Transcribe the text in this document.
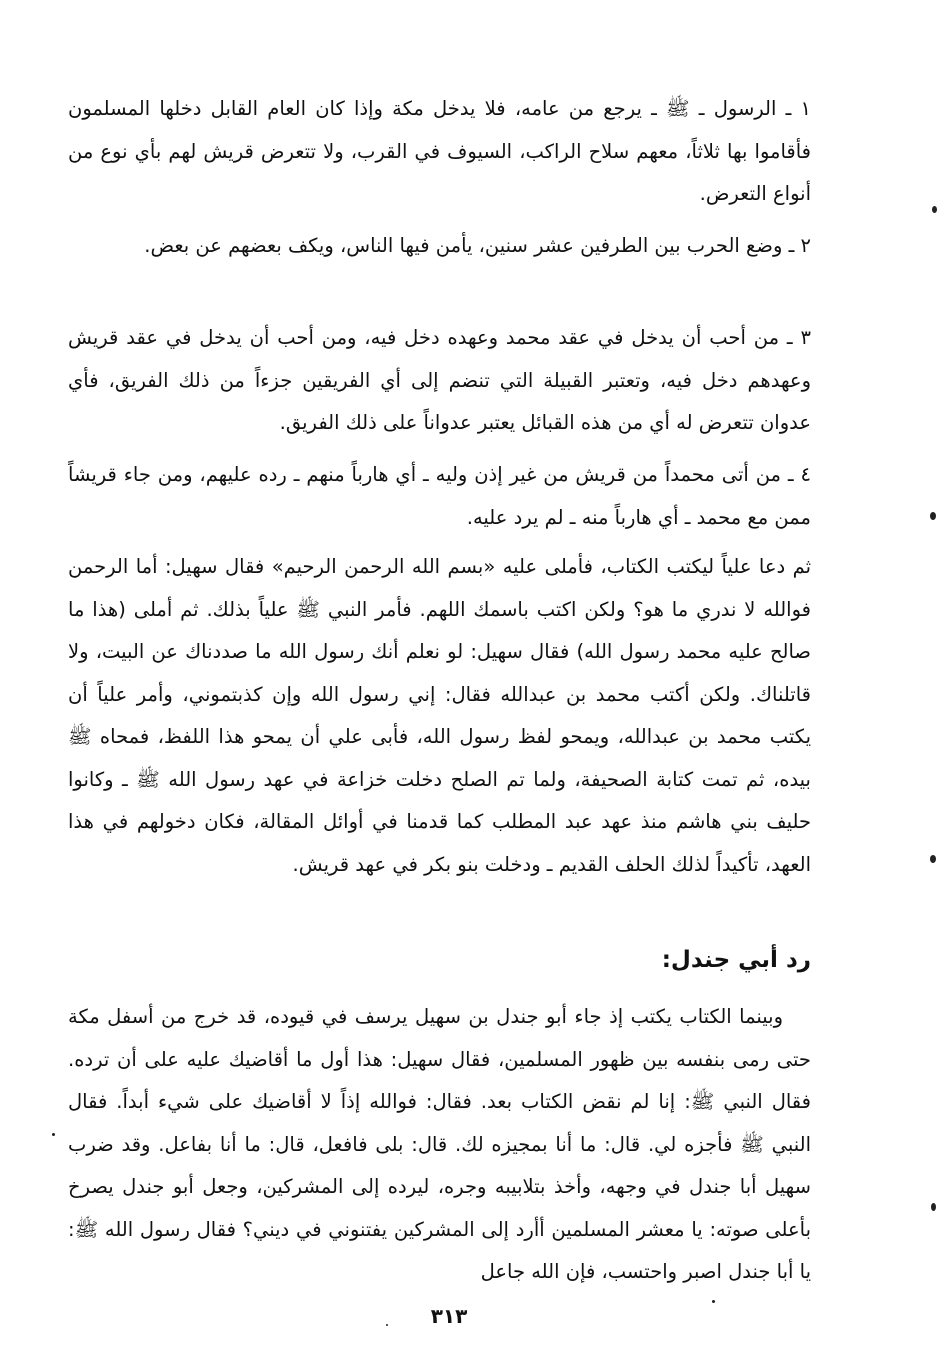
١ ـ الرسول ـ ﷺ ـ يرجع من عامه، فلا يدخل مكة وإذا كان العام القابل دخلها المسلمون فأقاموا بها ثلاثاً، معهم سلاح الراكب، السيوف في القرب، ولا تتعرض قريش لهم بأي نوع من أنواع التعرض.

٢ ـ وضع الحرب بين الطرفين عشر سنين، يأمن فيها الناس، ويكف بعضهم عن بعض.

٣ ـ من أحب أن يدخل في عقد محمد وعهده دخل فيه، ومن أحب أن يدخل في عقد قريش وعهدهم دخل فيه، وتعتبر القبيلة التي تنضم إلى أي الفريقين جزءاً من ذلك الفريق، فأي عدوان تتعرض له أي من هذه القبائل يعتبر عدواناً على ذلك الفريق.

٤ ـ من أتى محمداً من قريش من غير إذن وليه ـ أي هارباً منهم ـ رده عليهم، ومن جاء قريشاً ممن مع محمد ـ أي هارباً منه ـ لم يرد عليه.

ثم دعا علياً ليكتب الكتاب، فأملى عليه «بسم الله الرحمن الرحيم» فقال سهيل: أما الرحمن فوالله لا ندري ما هو؟ ولكن اكتب باسمك اللهم. فأمر النبي ﷺ علياً بذلك. ثم أملى (هذا ما صالح عليه محمد رسول الله) فقال سهيل: لو نعلم أنك رسول الله ما صددناك عن البيت، ولا قاتلناك. ولكن أكتب محمد بن عبدالله فقال: إني رسول الله وإن كذبتموني، وأمر علياً أن يكتب محمد بن عبدالله، ويمحو لفظ رسول الله، فأبى علي أن يمحو هذا اللفظ، فمحاه ﷺ بيده، ثم تمت كتابة الصحيفة، ولما تم الصلح دخلت خزاعة في عهد رسول الله ﷺ ـ وكانوا حليف بني هاشم منذ عهد عبد المطلب كما قدمنا في أوائل المقالة، فكان دخولهم في هذا العهد، تأكيداً لذلك الحلف القديم ـ ودخلت بنو بكر في عهد قريش.

رد أبي جندل:

وبينما الكتاب يكتب إذ جاء أبو جندل بن سهيل يرسف في قيوده، قد خرج من أسفل مكة حتى رمى بنفسه بين ظهور المسلمين، فقال سهيل: هذا أول ما أقاضيك عليه على أن ترده. فقال النبي ﷺ: إنا لم نقض الكتاب بعد. فقال: فوالله إذاً لا أقاضيك على شيء أبداً. فقال النبي ﷺ فأجزه لي. قال: ما أنا بمجيزه لك. قال: بلى فافعل، قال: ما أنا بفاعل. وقد ضرب سهيل أبا جندل في وجهه، وأخذ بتلابيبه وجره، ليرده إلى المشركين، وجعل أبو جندل يصرخ بأعلى صوته: يا معشر المسلمين أأرد إلى المشركين يفتنوني في ديني؟ فقال رسول الله ﷺ: يا أبا جندل اصبر واحتسب، فإن الله جاعل

٣١٣
